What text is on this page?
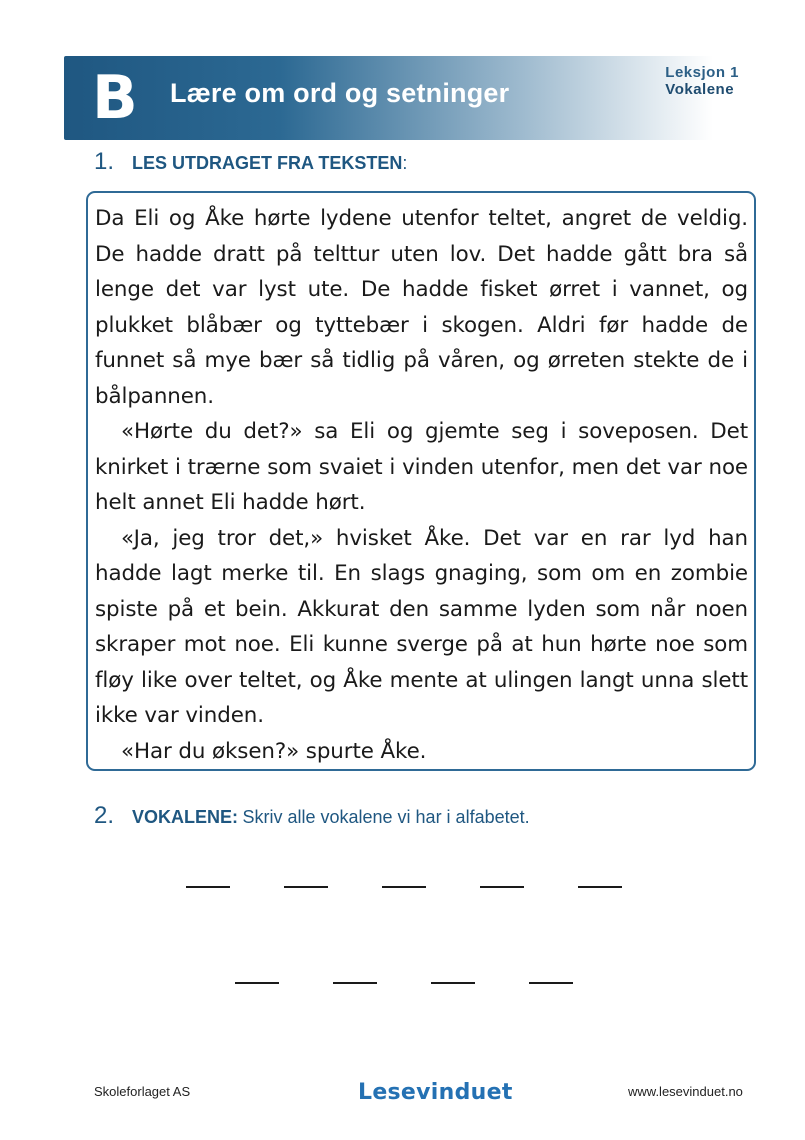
B Lære om ord og setninger
Leksjon 1
Vokalene
1. LES UTDRAGET FRA TEKSTEN:

Da Eli og Åke hørte lydene utenfor teltet, angret de veldig. De hadde dratt på telttur uten lov. Det hadde gått bra så lenge det var lyst ute. De hadde fisket ørret i vannet, og plukket blåbær og tyttebær i skogen. Aldri før hadde de funnet så mye bær så tidlig på våren, og ørreten stekte de i bålpannen.

«Hørte du det?» sa Eli og gjemte seg i soveposen. Det knirket i trærne som svaiet i vinden utenfor, men det var noe helt annet Eli hadde hørt.

«Ja, jeg tror det,» hvisket Åke. Det var en rar lyd han hadde lagt merke til. En slags gnaging, som om en zombie spiste på et bein. Akkurat den samme lyden som når noen skraper mot noe. Eli kunne sverge på at hun hørte noe som fløy like over teltet, og Åke mente at ulingen langt unna slett ikke var vinden.

«Har du øksen?» spurte Åke.

2. VOKALENE: Skriv alle vokalene vi har i alfabetet.
Skoleforlaget AS	Lesevinduet	www.lesevinduet.no
